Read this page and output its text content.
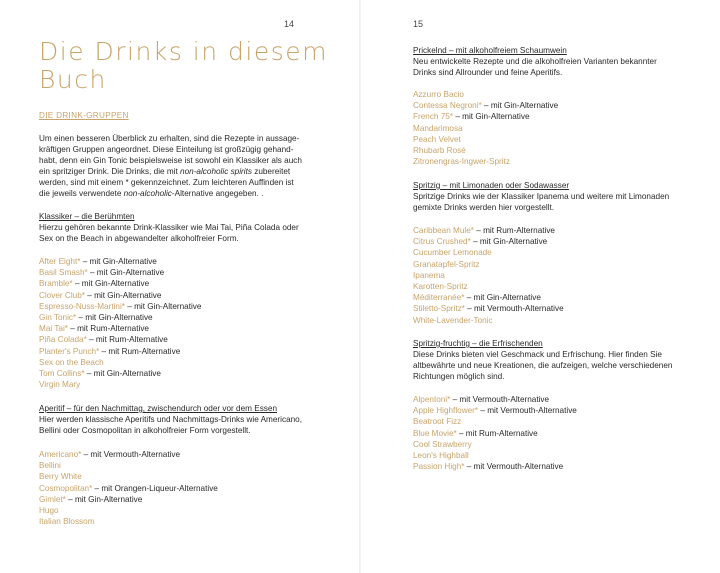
14
Die Drinks in diesem
Buch
DIE DRINK-GRUPPEN
Um einen besseren Überblick zu erhalten, sind die Rezepte in aussage-
kräftigen Gruppen angeordnet. Diese Einteilung ist großzügig gehand-
habt, denn ein Gin Tonic beispielsweise ist sowohl ein Klassiker als auch
ein spritziger Drink. Die Drinks, die mit non-alcoholic spirits zubereitet
werden, sind mit einem * gekennzeichnet. Zum leichteren Auffinden ist
die jeweils verwendete non-alcoholic-Alternative angegeben. .
Klassiker – die Berühmten
Hierzu gehören bekannte Drink-Klassiker wie Mai Tai, Piña Colada oder
Sex on the Beach in abgewandelter alkoholfreier Form.
After Eight* – mit Gin-Alternative
Basil Smash* – mit Gin-Alternative
Bramble* – mit Gin-Alternative
Clover Club* – mit Gin-Alternative
Espresso-Nuss-Martini* – mit Gin-Alternative
Gin Tonic* – mit Gin-Alternative
Mai Tai* – mit Rum-Alternative
Piña Colada* – mit Rum-Alternative
Planter's Punch* – mit Rum-Alternative
Sex on the Beach
Tom Collins* – mit Gin-Alternative
Virgin Mary
Aperitif – für den Nachmittag, zwischendurch oder vor dem Essen
Hier werden klassische Aperitifs und Nachmittags-Drinks wie Americano,
Bellini oder Cosmopolitan in alkoholfreier Form vorgestellt.
Americano* – mit Vermouth-Alternative
Bellini
Berry White
Cosmopolitan* – mit Orangen-Liqueur-Alternative
Gimlet* – mit Gin-Alternative
Hugo
Italian Blossom
15
Prickelnd – mit alkoholfreiem Schaumwein
Neu entwickelte Rezepte und die alkoholfreien Varianten bekannter
Drinks sind Allrounder und feine Aperitifs.
Azzurro Bacio
Contessa Negroni* – mit Gin-Alternative
French 75* – mit Gin-Alternative
Mandarimosa
Peach Velvet
Rhubarb Rosé
Zitronengras-Ingwer-Spritz
Spritzig – mit Limonaden oder Sodawasser
Spritzige Drinks wie der Klassiker Ipanema und weitere mit Limonaden
gemixte Drinks werden hier vorgestellt.
Caribbean Mule* – mit Rum-Alternative
Citrus Crushed* – mit Gin-Alternative
Cucumber Lemonade
Granatapfel-Spritz
Ipanema
Karotten-Spritz
Méditerranée* – mit Gin-Alternative
Stiletto-Spritz* – mit Vermouth-Alternative
White-Lavender-Tonic
Spritzig-fruchtig – die Erfrischenden
Diese Drinks bieten viel Geschmack und Erfrischung. Hier finden Sie
altbewährte und neue Kreationen, die aufzeigen, welche verschiedenen
Richtungen möglich sind.
Alpentoni* – mit Vermouth-Alternative
Apple Highflower* – mit Vermouth-Alternative
Beatroot Fizz
Blue Movie* – mit Rum-Alternative
Cool Strawberry
Leon's Highball
Passion High* – mit Vermouth-Alternative
